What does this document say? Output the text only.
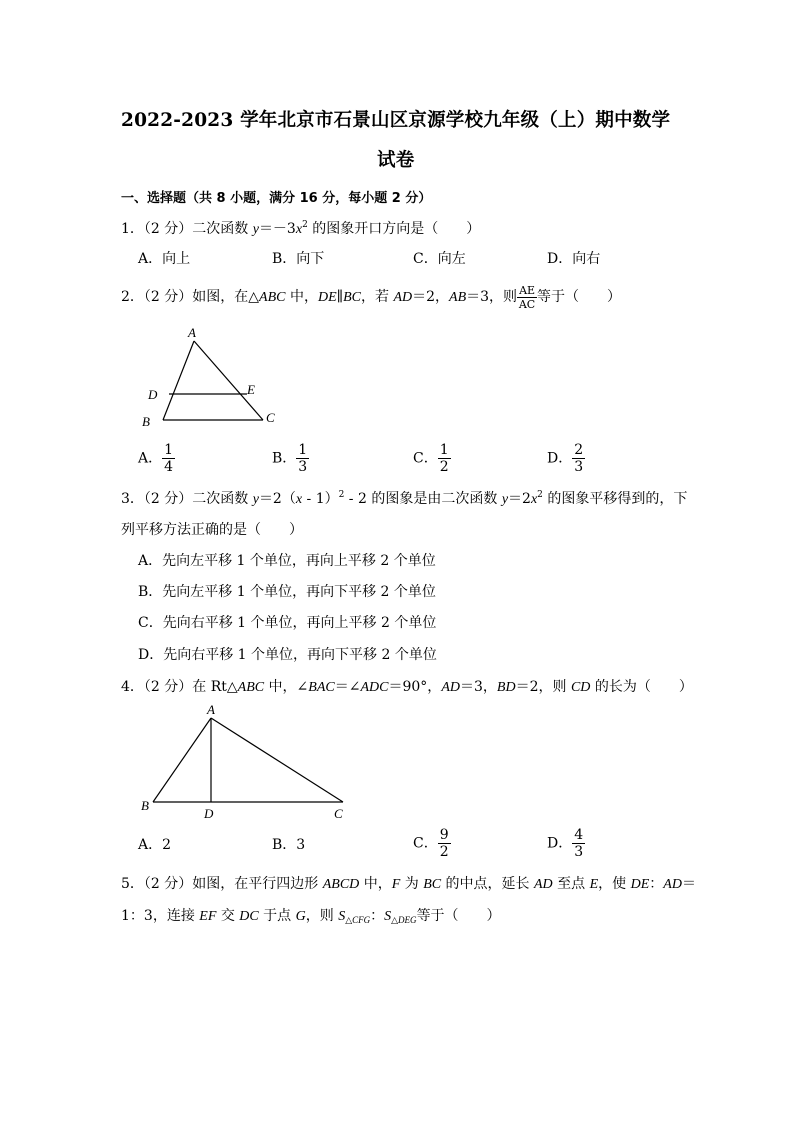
2022-2023 学年北京市石景山区京源学校九年级（上）期中数学
试卷
一、选择题（共 8 小题，满分 16 分，每小题 2 分）
1．（2 分）二次函数 $y=-3x^2$ 的图象开口方向是（　　）
A．向上	B．向下	C．向左	D．向右
2．（2 分）如图，在△ABC 中，DE∥BC，若 AD＝2，AB＝3，则 $\frac{AE}{AC}$ 等于（　　）
A
D	E
B	C
A． $\frac{1}{4}$	B． $\frac{1}{3}$	C． $\frac{1}{2}$	D． $\frac{2}{3}$
3．（2 分）二次函数 y＝2（x - 1）$^2$ - 2 的图象是由二次函数 $y=2x^2$ 的图象平移得到的，下
列平移方法正确的是（　　）
A．先向左平移 1 个单位，再向上平移 2 个单位
B．先向左平移 1 个单位，再向下平移 2 个单位
C．先向右平移 1 个单位，再向上平移 2 个单位
D．先向右平移 1 个单位，再向下平移 2 个单位
4．（2 分）在 Rt△ABC 中，∠BAC＝∠ADC＝90°，AD＝3，BD＝2，则 CD 的长为（　　）
A
B
D	C
A．2	B．3	C． $\frac{9}{2}$	D． $\frac{4}{3}$
5．（2 分）如图，在平行四边形 ABCD 中，F 为 BC 的中点，延长 AD 至点 E，使 DE：AD＝
1：3，连接 EF 交 DC 于点 G，则 $S_{\triangle CFG}$：$S_{\triangle DEG}$等于（　　）
